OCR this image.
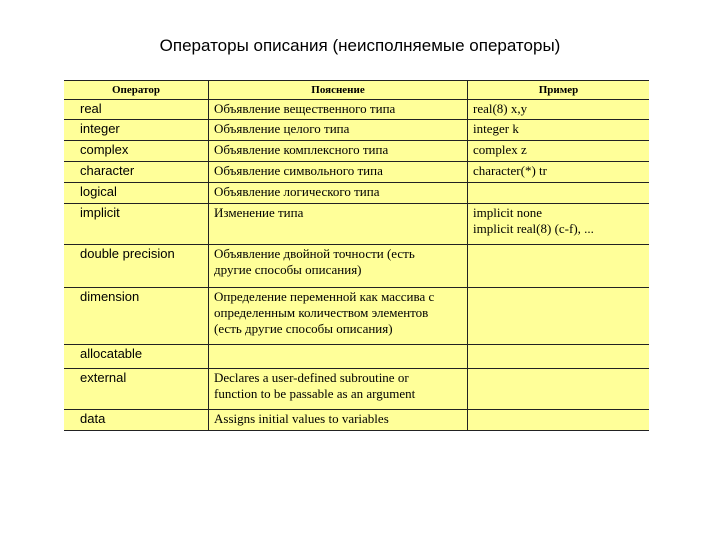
Операторы описания (неисполняемые операторы)
Оператор	Пояснение	Пример
real	Объявление вещественного типа	real(8) x,y
integer	Объявление целого типа	integer k
complex	Объявление комплексного типа	complex z
character	Объявление символьного типа	character(*) tr
logical	Объявление логического типа	
implicit	Изменение типа	implicit none
implicit real(8) (c-f), ...
double precision	Объявление двойной точности (есть
другие способы описания)	
dimension	Определение переменной как массива с
определенным количеством элементов
(есть другие способы описания)	
allocatable		
external	Declares a user-defined subroutine or
function to be passable as an argument	
data	Assigns initial values to variables	
